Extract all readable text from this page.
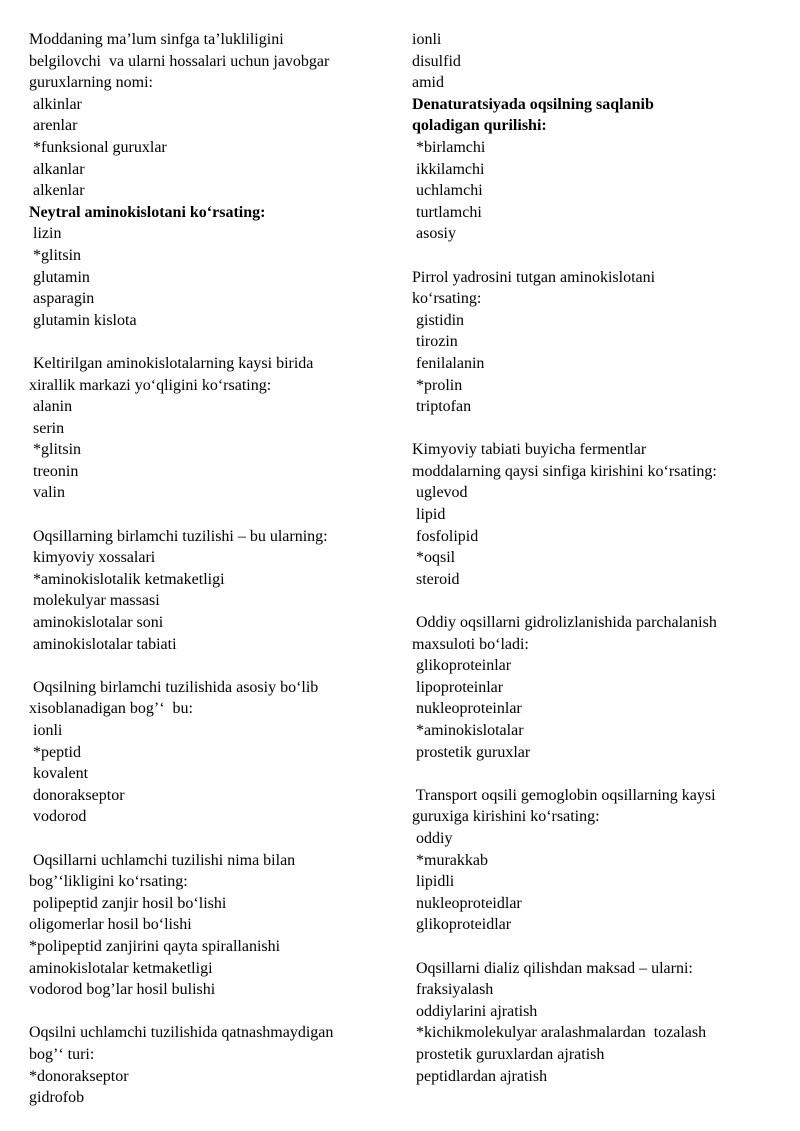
Moddaning ma’lum sinfga ta’lukliligini
belgilovchi  va ularni hossalari uchun javobgar
guruxlarning nomi:
alkinlar
arenlar
*funksional guruxlar
alkanlar
alkenlar
Neytral aminokislotani ko‘rsating:
lizin
*glitsin
glutamin
asparagin
glutamin kislota
Keltirilgan aminokislotalarning kaysi birida
xirallik markazi yo‘qligini ko‘rsating:
alanin
serin
*glitsin
treonin
valin
Oqsillarning birlamchi tuzilishi – bu ularning:
kimyoviy xossalari
*aminokislotalik ketmaketligi
molekulyar massasi
aminokislotalar soni
aminokislotalar tabiati
Oqsilning birlamchi tuzilishida asosiy bo‘lib
xisoblanadigan bog’‘  bu:
ionli
*peptid
kovalent
donorakseptor
vodorod
Oqsillarni uchlamchi tuzilishi nima bilan
bog’‘likligini ko‘rsating:
polipeptid zanjir hosil bo‘lishi
oligomerlar hosil bo‘lishi
*polipeptid zanjirini qayta spirallanishi
aminokislotalar ketmaketligi
vodorod bog’lar hosil bulishi
Oqsilni uchlamchi tuzilishida qatnashmaydigan
bog’‘ turi:
*donorakseptor
gidrofob
ionli
disulfid
amid
Denaturatsiyada oqsilning saqlanib
qoladigan qurilishi:
*birlamchi
ikkilamchi
uchlamchi
turtlamchi
asosiy
Pirrol yadrosini tutgan aminokislotani
ko‘rsating:
gistidin
tirozin
fenilalanin
*prolin
triptofan
Kimyoviy tabiati buyicha fermentlar
moddalarning qaysi sinfiga kirishini ko‘rsating:
uglevod
lipid
fosfolipid
*oqsil
steroid
Oddiy oqsillarni gidrolizlanishida parchalanish
maxsuloti bo‘ladi:
glikoproteinlar
lipoproteinlar
nukleoproteinlar
*aminokislotalar
prostetik guruxlar
Transport oqsili gemoglobin oqsillarning kaysi
guruxiga kirishini ko‘rsating:
oddiy
*murakkab
lipidli
nukleoproteidlar
glikoproteidlar
Oqsillarni dializ qilishdan maksad – ularni:
fraksiyalash
oddiylarini ajratish
*kichikmolekulyar aralashmalardan  tozalash
prostetik guruxlardan ajratish
peptidlardan ajratish
